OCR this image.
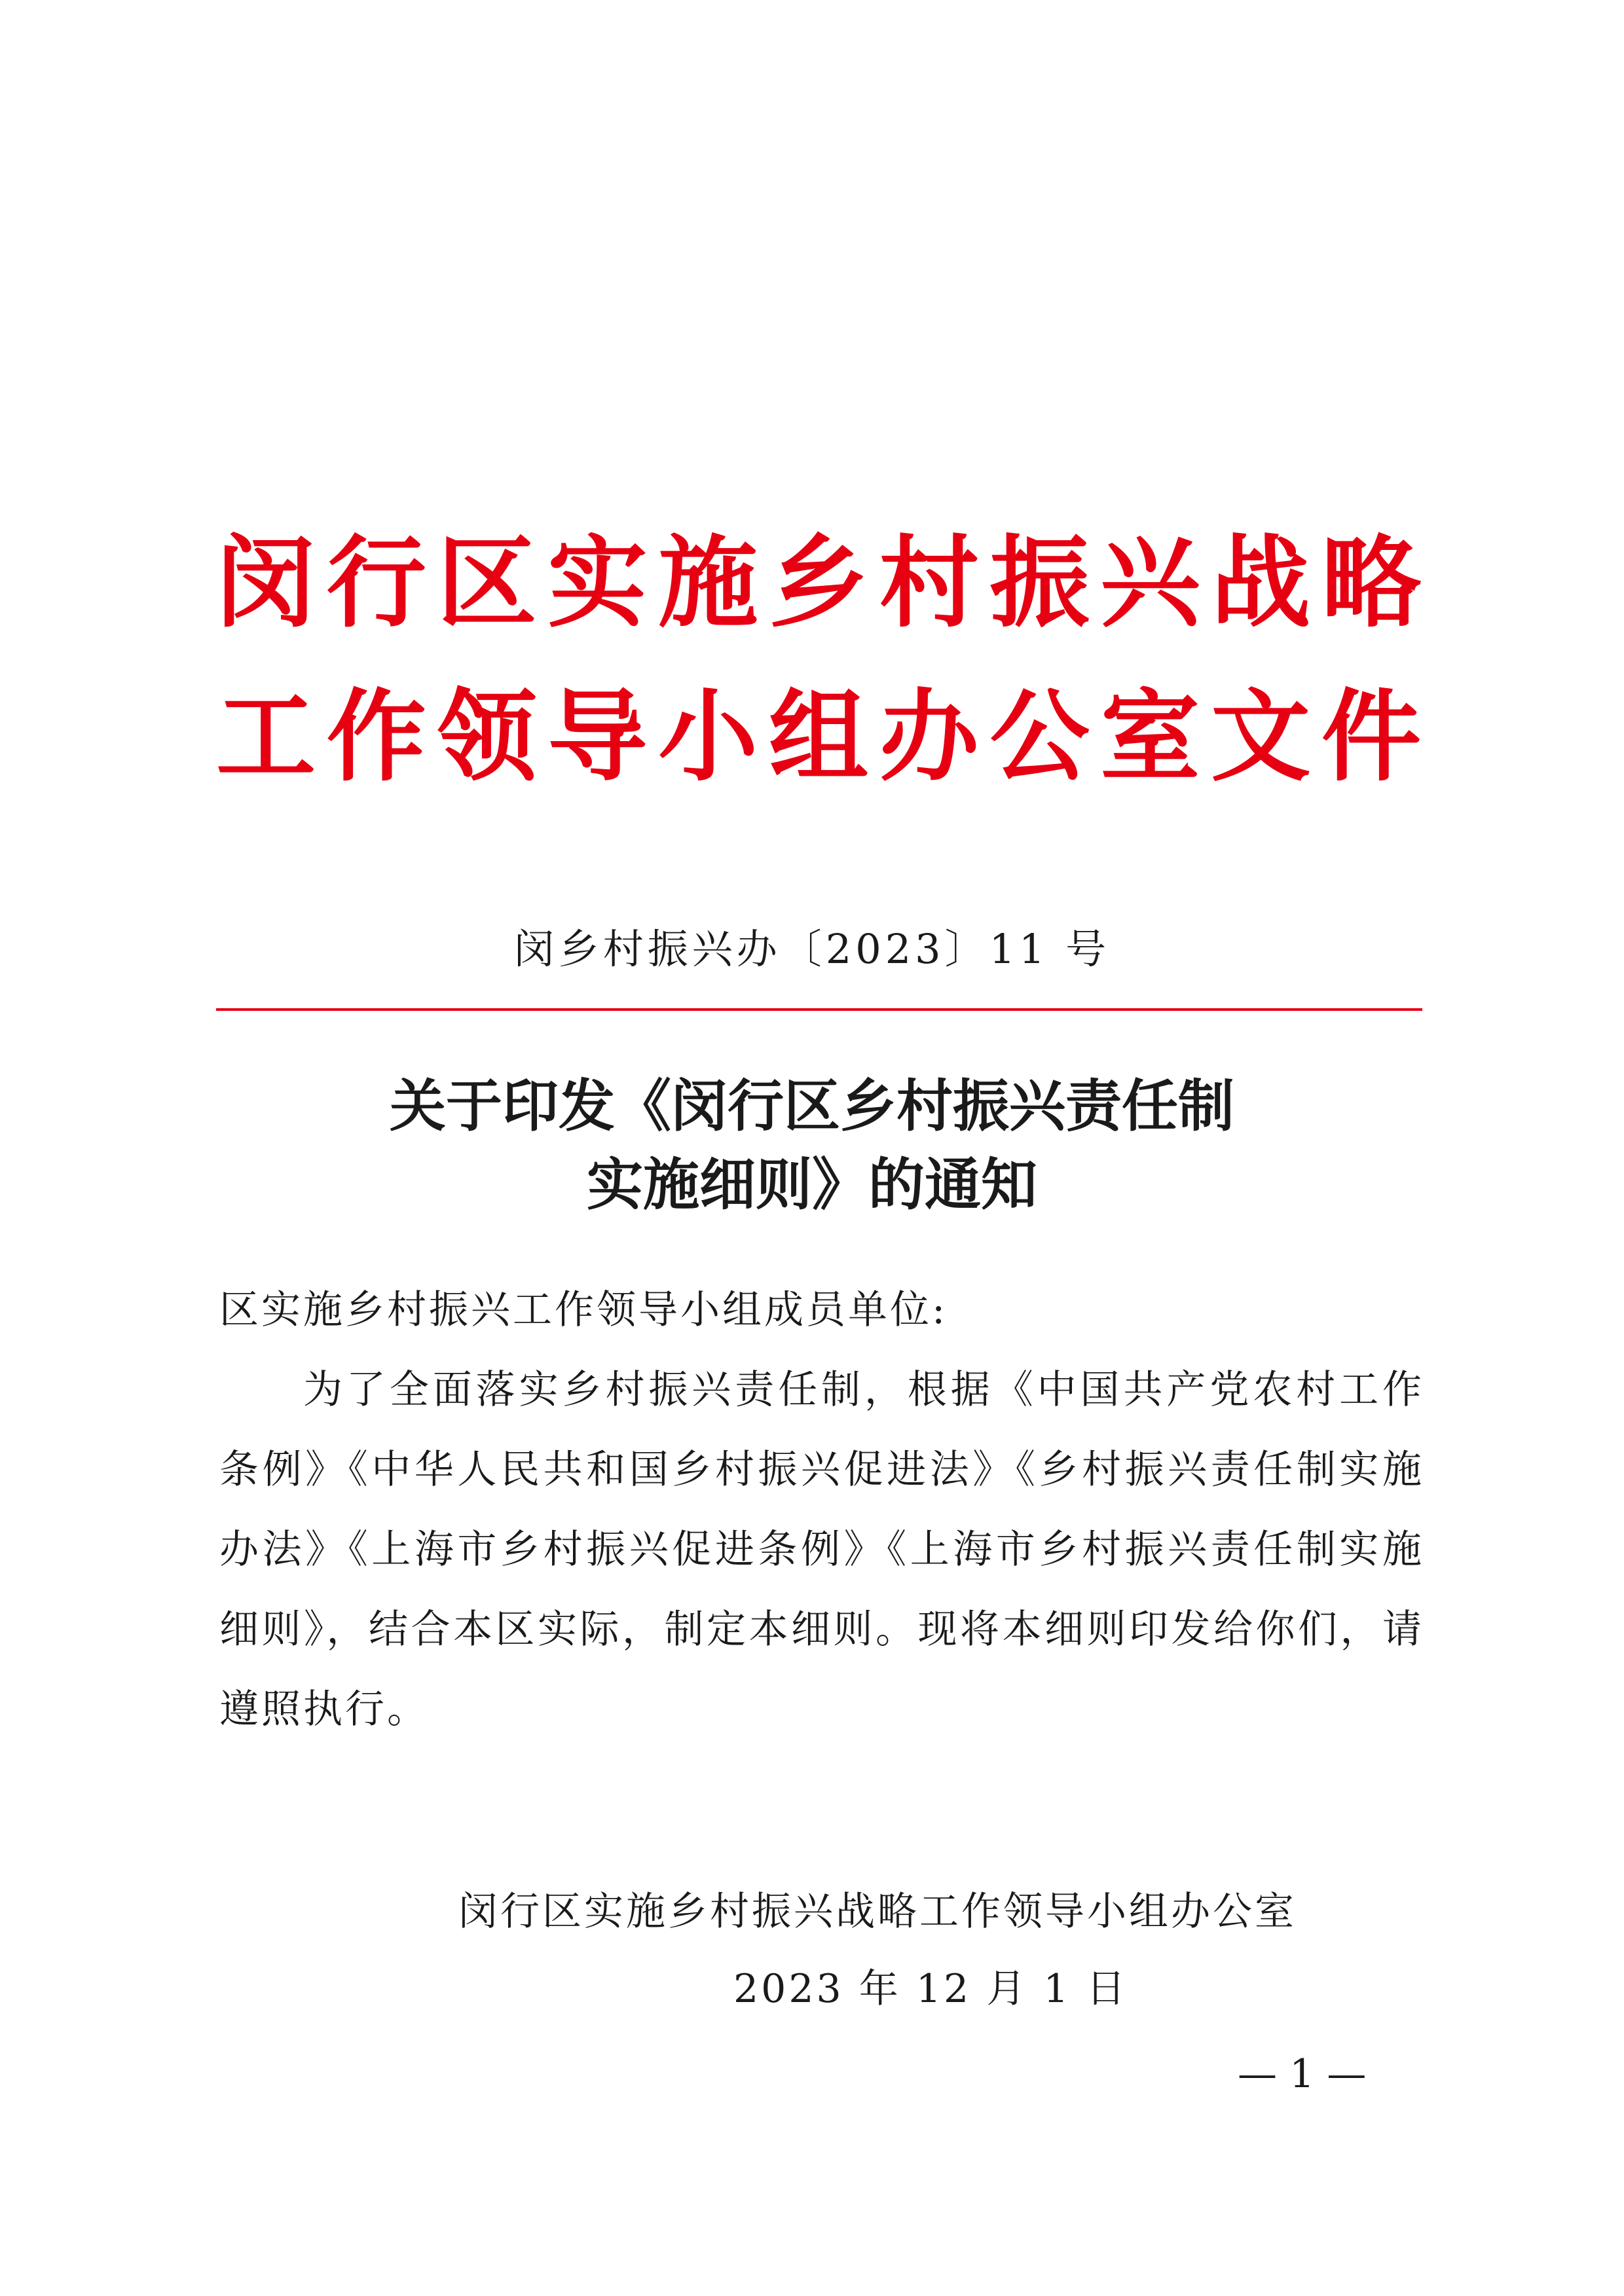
闵行区实施乡村振兴战略
工作领导小组办公室文件
闵乡村振兴办〔2023〕11 号
关于印发《闵行区乡村振兴责任制
实施细则》的通知
区实施乡村振兴工作领导小组成员单位:
为了全面落实乡村振兴责任制，根据《中国共产党农村工作条例》《中华人民共和国乡村振兴促进法》《乡村振兴责任制实施办法》《上海市乡村振兴促进条例》《上海市乡村振兴责任制实施细则》，结合本区实际，制定本细则。现将本细则印发给你们，请遵照执行。
闵行区实施乡村振兴战略工作领导小组办公室
2023 年 12 月 1 日
— 1 —
